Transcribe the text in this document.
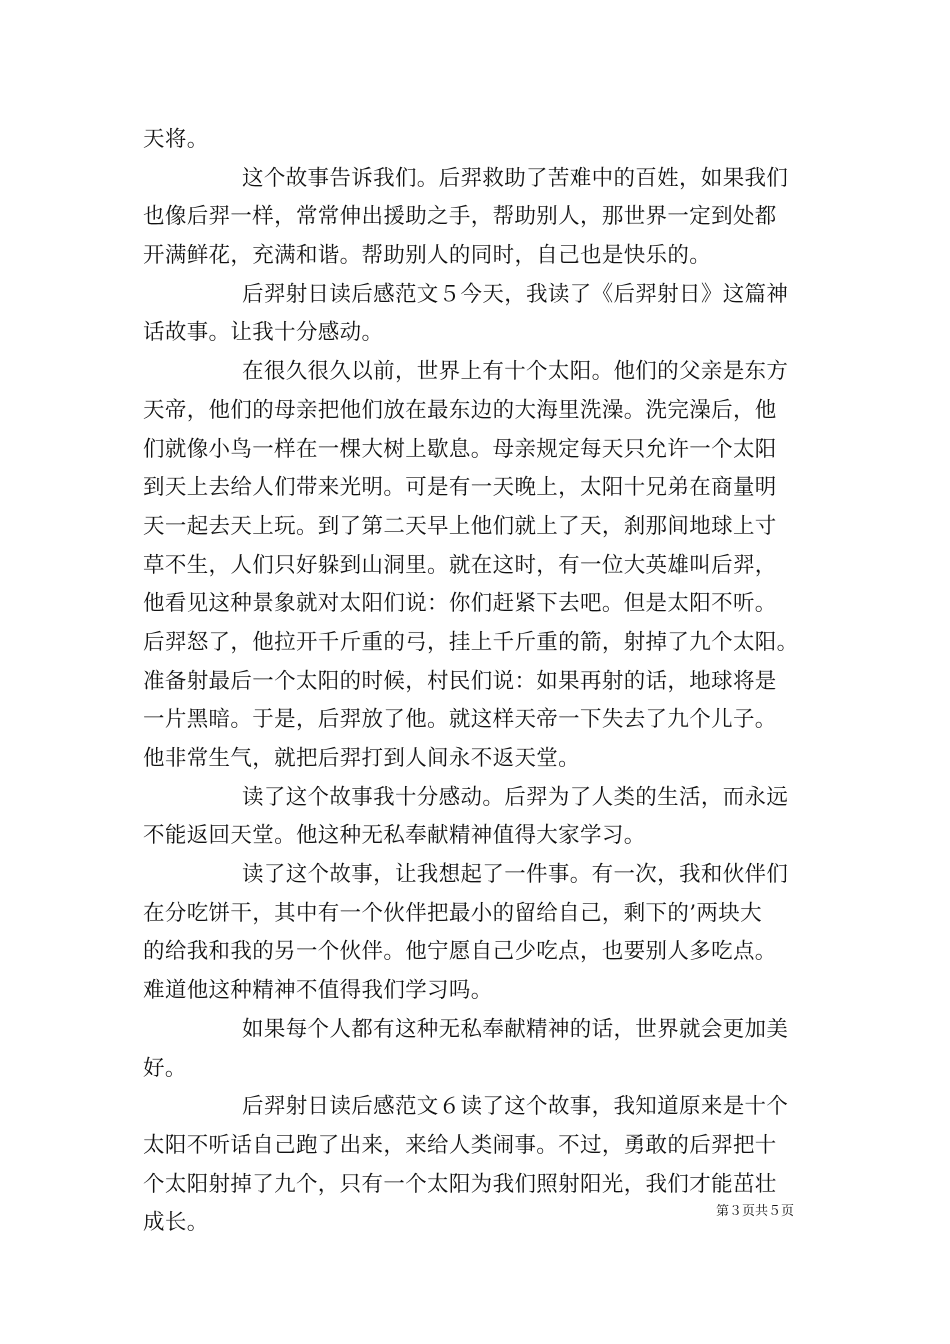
天将。
这个故事告诉我们。后羿救助了苦难中的百姓，如果我们
也像后羿一样，常常伸出援助之手，帮助别人，那世界一定到处都
开满鲜花，充满和谐。帮助别人的同时，自己也是快乐的。
后羿射日读后感范文５今天，我读了《后羿射日》这篇神
话故事。让我十分感动。
在很久很久以前，世界上有十个太阳。他们的父亲是东方
天帝，他们的母亲把他们放在最东边的大海里洗澡。洗完澡后，他
们就像小鸟一样在一棵大树上歇息。母亲规定每天只允许一个太阳
到天上去给人们带来光明。可是有一天晚上，太阳十兄弟在商量明
天一起去天上玩。到了第二天早上他们就上了天，刹那间地球上寸
草不生，人们只好躲到山洞里。就在这时，有一位大英雄叫后羿，
他看见这种景象就对太阳们说：你们赶紧下去吧。但是太阳不听。
后羿怒了，他拉开千斤重的弓，挂上千斤重的箭，射掉了九个太阳。
准备射最后一个太阳的时候，村民们说：如果再射的话，地球将是
一片黑暗。于是，后羿放了他。就这样天帝一下失去了九个儿子。
他非常生气，就把后羿打到人间永不返天堂。
读了这个故事我十分感动。后羿为了人类的生活，而永远
不能返回天堂。他这种无私奉献精神值得大家学习。
读了这个故事，让我想起了一件事。有一次，我和伙伴们
在分吃饼干，其中有一个伙伴把最小的留给自己，剩下的’两块大
的给我和我的另一个伙伴。他宁愿自己少吃点，也要别人多吃点。
难道他这种精神不值得我们学习吗。
如果每个人都有这种无私奉献精神的话，世界就会更加美
好。
后羿射日读后感范文６读了这个故事，我知道原来是十个
太阳不听话自己跑了出来，来给人类闹事。不过，勇敢的后羿把十
个太阳射掉了九个，只有一个太阳为我们照射阳光，我们才能茁壮
成长。	第３页共５页
